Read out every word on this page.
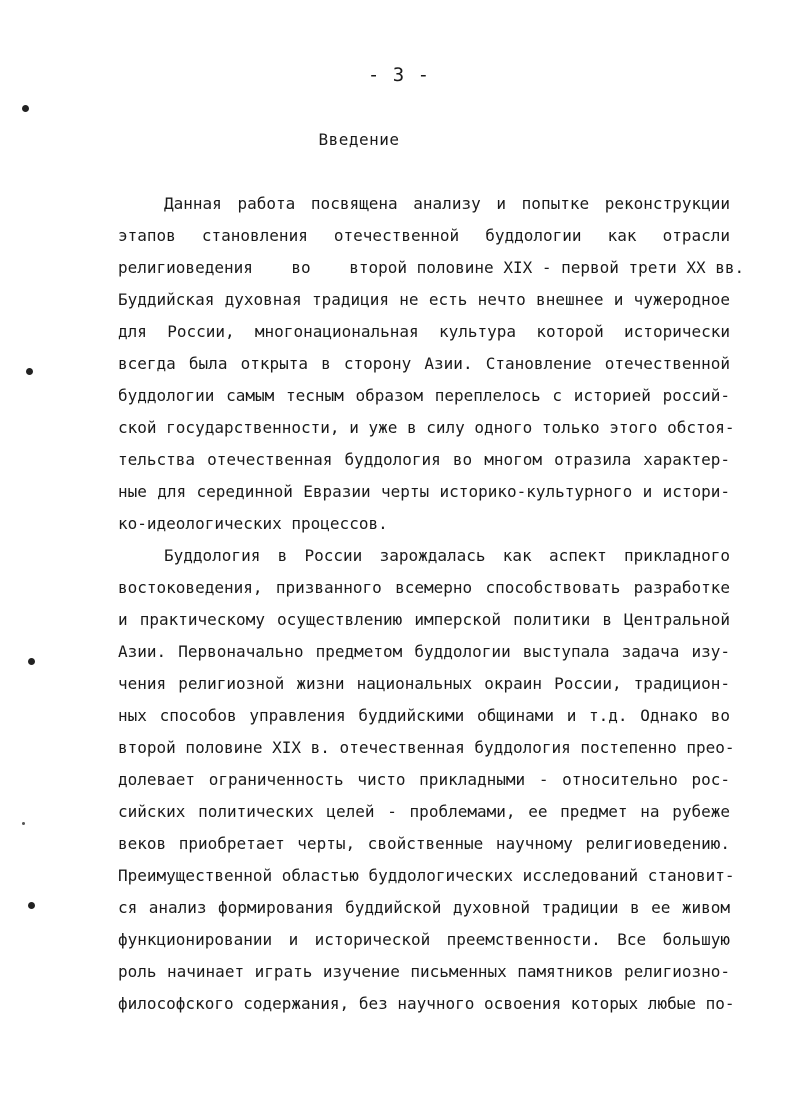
- 3 -
Введение
Данная работа посвящена анализу и попытке реконструкции
этапов становления отечественной буддологии как отрасли
религиоведения    во    второй половине XIX - первой трети XX вв.
Буддийская духовная традиция не есть нечто внешнее и чужеродное
для России, многонациональная культура которой исторически
всегда была открыта в сторону Азии. Становление отечественной
буддологии самым тесным образом переплелось с историей россий-
ской государственности, и уже в силу одного только этого обстоя-
тельства отечественная буддология во многом отразила характер-
ные для серединной Евразии черты историко-культурного и истори-
ко-идеологических процессов.
Буддология в России зарождалась как аспект прикладного
востоковедения, призванного всемерно способствовать разработке
и практическому осуществлению имперской политики в Центральной
Азии. Первоначально предметом буддологии выступала задача изу-
чения религиозной жизни национальных окраин России, традицион-
ных способов управления буддийскими общинами и т.д. Однако во
второй половине XIX в. отечественная буддология постепенно прео-
долевает ограниченность чисто прикладными - относительно рос-
сийских политических целей - проблемами, ее предмет на рубеже
веков приобретает черты, свойственные научному религиоведению.
Преимущественной областью буддологических исследований становит-
ся анализ формирования буддийской духовной традиции в ее живом
функционировании и исторической преемственности. Все большую
роль начинает играть изучение письменных памятников религиозно-
философского содержания, без научного освоения которых любые по-
